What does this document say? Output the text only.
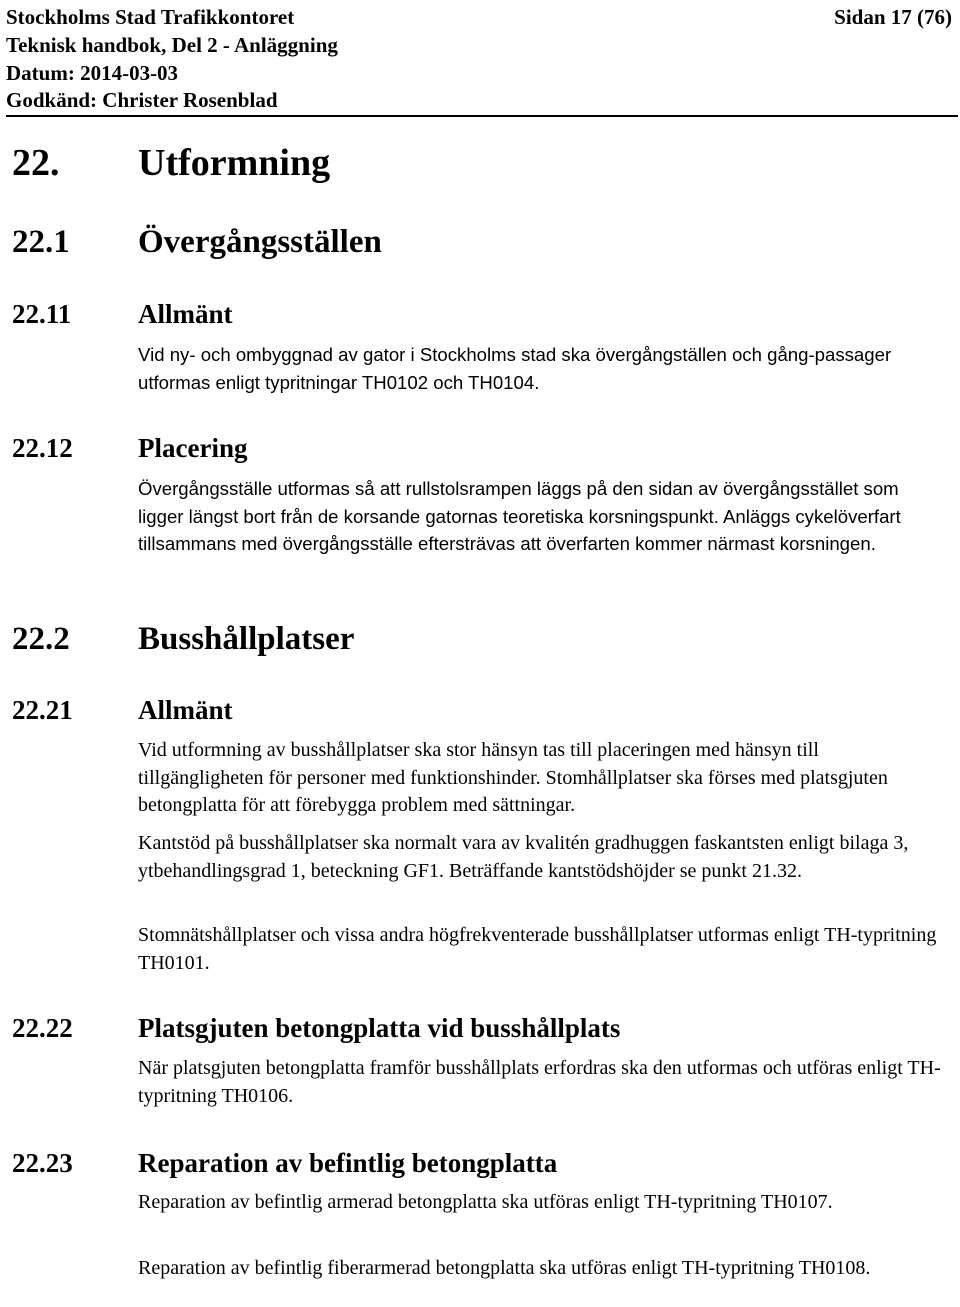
Stockholms Stad Trafikkontoret
Teknisk handbok, Del 2 - Anläggning
Datum: 2014-03-03
Godkänd: Christer Rosenblad
Sidan 17 (76)
22. Utformning
22.1 Övergångsställen
22.11 Allmänt

Vid ny- och ombyggnad av gator i Stockholms stad ska övergångställen och gång-passager utformas enligt typritningar TH0102 och TH0104.

22.12 Placering

Övergångsställe utformas så att rullstolsrampen läggs på den sidan av övergångsstället som ligger längst bort från de korsande gatornas teoretiska korsningspunkt. Anläggs cykelöverfart tillsammans med övergångsställe eftersträvas att överfarten kommer närmast korsningen.

22.2 Busshållplatser
22.21 Allmänt

Vid utformning av busshållplatser ska stor hänsyn tas till placeringen med hänsyn till tillgängligheten för personer med funktionshinder. Stomhållplatser ska förses med platsgjuten betongplatta för att förebygga problem med sättningar.

Kantstöd på busshållplatser ska normalt vara av kvalitén gradhuggen faskantsten enligt bilaga 3, ytbehandlingsgrad 1, beteckning GF1. Beträffande kantstödshöjder se punkt 21.32.

Stomnätshållplatser och vissa andra högfrekventerade busshållplatser utformas enligt TH-typritning TH0101.

22.22 Platsgjuten betongplatta vid busshållplats

När platsgjuten betongplatta framför busshållplats erfordras ska den utformas och utföras enligt TH-typritning TH0106.

22.23 Reparation av befintlig betongplatta

Reparation av befintlig armerad betongplatta ska utföras enligt TH-typritning TH0107.

Reparation av befintlig fiberarmerad betongplatta ska utföras enligt TH-typritning TH0108.
